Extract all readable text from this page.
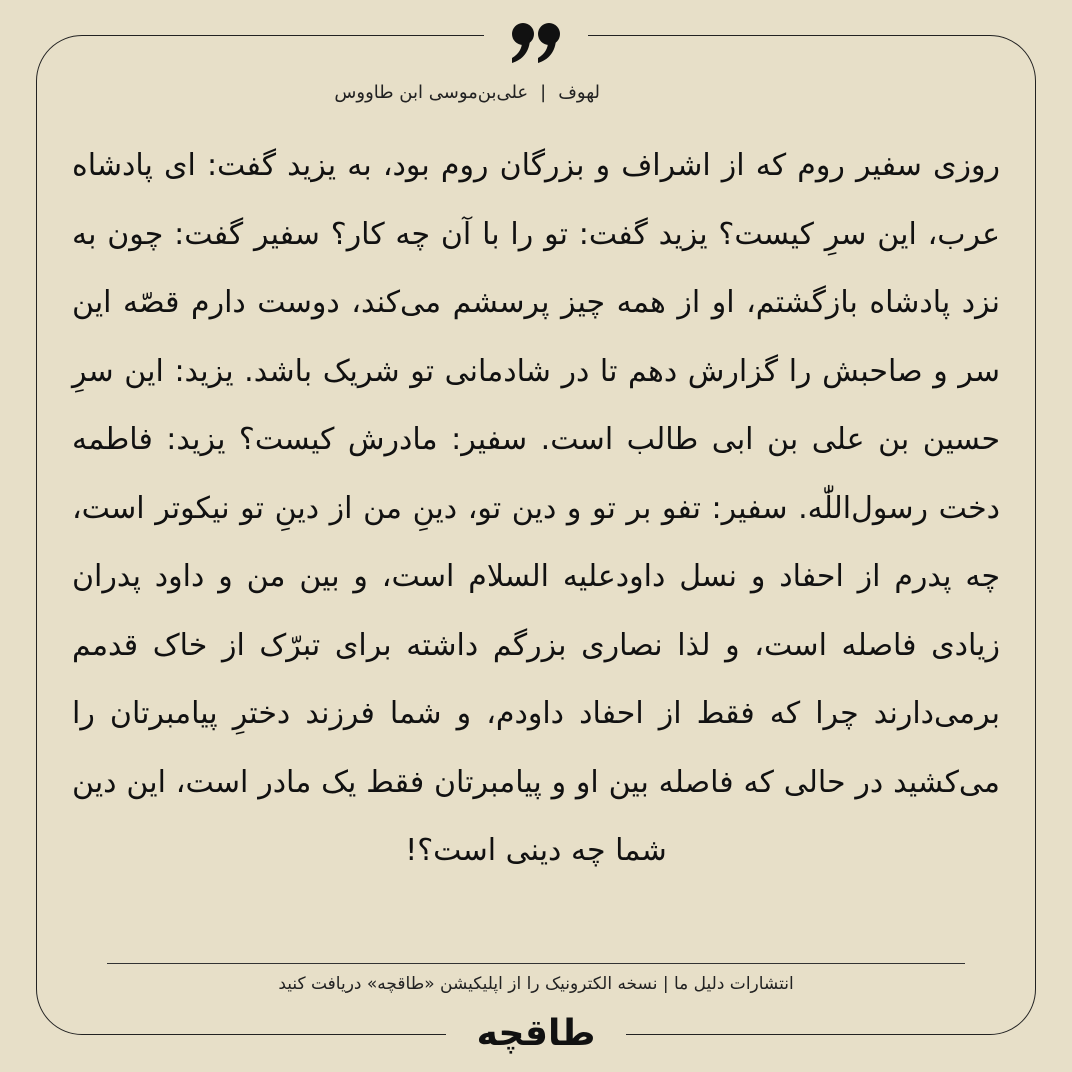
لهوف|علی‌بن‌موسی ابن طاووس
روزی سفیر روم که از اشراف و بزرگان روم بود، به یزید گفت: ای پادشاه عرب، این سرِ کیست؟ یزید گفت: تو را با آن چه کار؟ سفیر گفت: چون به نزد پادشاه بازگشتم، او از همه چیز پرسشم می‌کند، دوست دارم قصّه این سر و صاحبش را گزارش دهم تا در شادمانی تو شریک باشد. یزید: این سرِ حسین بن علی بن ابی طالب است. سفیر: مادرش کیست؟ یزید: فاطمه دخت رسول‌اللّٰه. سفیر: تفو بر تو و دین تو، دینِ من از دینِ تو نیکوتر است، چه پدرم از احفاد و نسل داودعلیه السلام است، و بین من و داود پدران زیادی فاصله است، و لذا نصاری بزرگم داشته برای تبرّک از خاک قدمم برمی‌دارند چرا که فقط از احفاد داودم، و شما فرزند دخترِ پیامبرتان را می‌کشید در حالی که فاصله بین او و پیامبرتان فقط یک مادر است، این دین شما چه دینی است؟!
انتشارات دلیل ما | نسخه الکترونیک را از اپلیکیشن «طاقچه» دریافت کنید
طاقچه
